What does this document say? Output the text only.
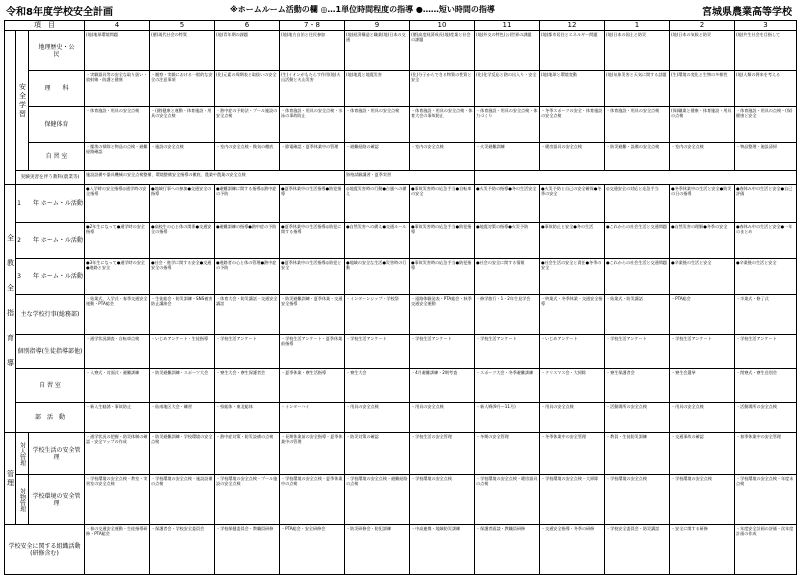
令和8年度学校安全計画	※ホームルーム活動の欄 ◎…1単位時間程度の指導 ●……短い時間の指導	宮城県農業高等学校
項　目			4	5	6	7・8	9	10	11	12	1	2	3
	安全学習	地理歴史・公　　民	(地)地球環境問題	(歴)現代社会の特質	(地)青年期の課題	(地)地方自治と住民参加	(地)経済構造と職業(地)日本の交通	(歴)高度経済成長(地)産業と社会の課題	(地)外交の特色(公)世界の課題	(地)都市居住とエネルギー問題	(地)日本の国土と防災	(地)日本の気候と防災	(地)共生社会を目指して
		理　　科	・実験器具等の安全な取り扱い・放射線・防護と健康	・観察・実験における一般的な安全の注意事項	(化)元素の周期表と取扱いの安全	(生)イオンがもたらす作用(地)火山活動と火山災害	(地)地震と地震災害	(化)分子からできる物質の性質と安全	(化)化学反応と熱の出入り・安全	(地)地球と環境変動	(地)気象災害と天気に関する話題	(生)環境の変化と生物の多様性	(地)人類の将来を考える
		保健体育	・体育施設・用具の安全点検	・(健)健康と運動・体育施設・用具の安全点検	・熱中症の予防法・プール施設の安全点検	・体育施設・用具の安全点検・水泳の事故防止	・体育施設・用具の安全点検	・体育施設・用具の安全点検・体育大会の事故防止	・体育施設・用具の安全点検・体力づくり	・冬季スポーツの安全・体育施設の安全点検	・体育施設・用具の安全点検	(保)職業と健康・体育施設・用具の点検	・体育施設・用具の点検・(保)健康と安全
		自 習 室	・塵埃の掃除と物品の点検・避難経路確認	・施設の安全点検	・室内の安全点検・換気の徹底	・節電確認・夏季休業中の管理	・避難経路の確認	・室内の安全点検	・火災避難訓練	・暖房器具の安全点検	・防災避難・設備の安全点検	・室内の安全点検	・物品整理・施設清掃
	実験実習を伴う教科(農業等)		施設設備や器具機械の安全点検整備、環境整備安全指導の徹底、農業や農業の安全点検				資格試験講習・夏季実習						
全教全指育導	1　　年 ホーム・ル活動		●入学時の安全指導◎通学時の安全指導	●地域行事への参加●交通安全の指導	●避難訓練に関する指導◎熱中症の予防	●夏季休業中の生活指導●防犯指導	◎地震災害時の行動●台風への備え	●事故災害時の応急手当●自転車の安全	●火災予防の指導●冬の生活安全	●火災予防と自己の安全確保●冬季の安全	◎交通安全の対応と応急手当	●冬季休業中の生活と安全●防災の日の指導	●春休み中の生活と安全●自己評価
	2　　年 ホーム・ル活動		●2年生になって●通学時の安全指導	●高校生の心と体の関係●交通安全の指導	●避難訓練の指導●熱中症の予防	●夏季休業中の生活指導◎防犯に関する指導	●自然災害への備え●交通ルール	●事故災害時の応急手当●防犯指導	●地震対策の指導●火災予防	●事故防止と安全●冬の生活	●これからの社会生活と交通問題	●自然災害の理解●冬季の安全	●春休み中の生活と安全●一年のまとめ
	3　　年 ホーム・ル活動		●3年生になって●通学時の安全●進路と安全	●社会・進学に関する安全●交通安全の指導	●進路者の心と体の管理●熱中症の予防	●夏季休業中の生活指導◎防犯と安全	●地域の安全な生活●災害時の行動	●事故災害時の応急手当●防犯指導	●社会の安全に関する情報	●社会生活の安全と責任●冬季の安全	●これからの社会生活と交通問題	●卒業後の生活と安全	●卒業後の生活と安全
	主な学校行事(総務部)		・始業式、入学式・春季交通安全運動・PTA総会	・生徒総会・防災訓練・SNS被害防止講演会	・体育大会・防災講話・交通安全講話	・防災避難訓練・夏季休業・交通安全指導	・インターンシップ・学校祭	・遠路体験発表・PTA総会・秋季交通安全運動	・修学旅行・1・2年生見学会	・終業式・冬季休業・交通安全指導	・始業式・防災講話	・PTA総会	・卒業式・修了式
	個別指導(生徒指導部他)		・通学状況調査・自転車点検	・いじめアンケート・生徒指導	・学校生活アンケート	・学校生活アンケート・夏季休業前指導	・学校生活アンケート	・学校生活アンケート	・学校生活アンケート	・いじめアンケート	・学校生活アンケート	・学校生活アンケート	・学校生活アンケート
	自 習 室		・入寮式・対面式・避難訓練	・防災避難訓練・スポーツ大会	・寮生大会・寮生保護者会	・夏季休業・寮生活指導	・寮生大会	・4月避難訓練・2期考査	・スポーツ大会・冬季避難訓練	・クリスマス会・大掃除	・寮生保護者会	・寮生会選挙	・閉寮式・寮生送別会
	部　活　動		・新入生勧誘・事故防止	・仙南地区大会・練習	・県総体・東北総体	・インターハイ	・用具の安全点検	・用具の安全点検	・新人戦(9月～11月)	・用具の安全点検	・活動場所の安全点検	・用具の安全点検	・活動場所の安全点検
管理	対人管理	学校生活の安全管理	・通学状況の把握・防災体制の確認・安全マップの作成	・防災避難訓練・学校環境の安全点検	・熱中症対策・防災設備の点検	・長期休業前の安全指導・夏季休業中の管理	・防災対策の確認	・学校生活の安全管理	・冬期の安全管理	・冬季休業中の安全管理	・教員・生徒防災訓練	・交通事故の確認	・春季休業中の安全管理
	対物管理	学校環境の安全管理	・学校環境の安全点検・教室・実習室の安全点検	・学校環境の安全点検・施設設備の点検	・学校環境の安全点検・プール施設の安全点検	・学校環境の安全点検・夏季休業中の点検	・学校環境の安全点検・避難経路の点検	・学校環境の安全点検	・学校環境の安全点検・暖房器具の点検	・学校環境の安全点検・大掃除	・学校環境の安全点検	・学校環境の安全点検	・学校環境の安全点検・年度末点検
学校安全に関する組織活動(研修含む)			・春の交通安全運動・生徒指導研修・PTA総会	・保護者会・学校安全委員会	・学校保健委員会・教職員研修	・PTA総会・安全研修会	・防災研修会・防犯訓練	・中高連携・地域防災訓練	・保護者面談・教職員研修	・交通安全指導・冬季の研修	・学校安全委員会・防災講話	・安全に関する研修	・年度安全計画の評価・次年度計画の作成
